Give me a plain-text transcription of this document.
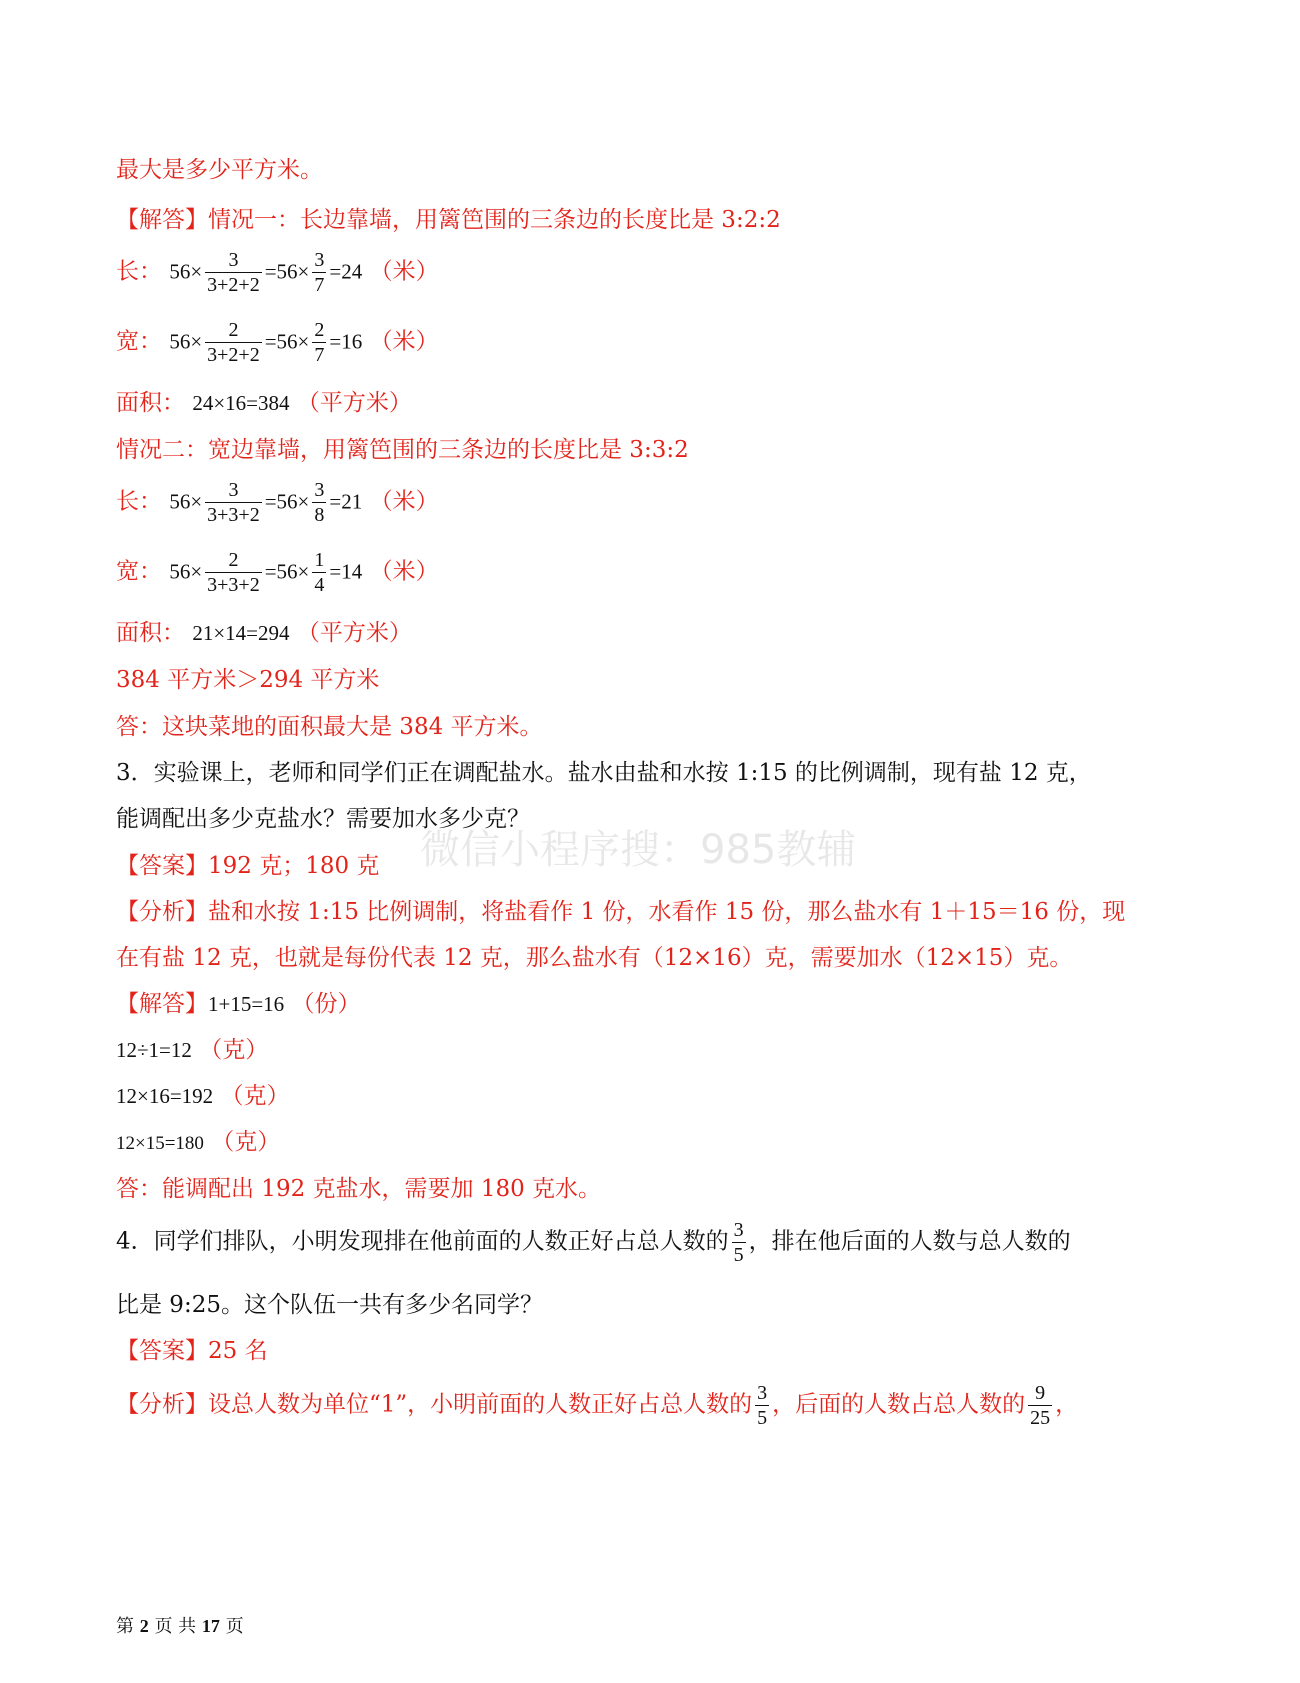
最大是多少平方米。
【解答】情况一：长边靠墙，用篱笆围的三条边的长度比是 3:2:2
长： $56\times \frac{3}{3+2+2} =56\times \frac{3}{7} =24$ （米）
宽： $56\times \frac{2}{3+2+2} =56\times \frac{2}{7} =16$ （米）
面积： 24×16=384 （平方米）
情况二：宽边靠墙，用篱笆围的三条边的长度比是 3:3:2
长： $56\times \frac{3}{3+3+2} =56\times \frac{3}{8} =21$ （米）
宽： $56\times \frac{2}{3+3+2} =56\times \frac{1}{4} =14$ （米）
面积： 21×14=294 （平方米）
384 平方米＞294 平方米
答：这块菜地的面积最大是 384 平方米。
3．实验课上，老师和同学们正在调配盐水。盐水由盐和水按 1:15 的比例调制，现有盐 12 克，
能调配出多少克盐水？需要加水多少克？
【答案】192 克；180 克
【分析】盐和水按 1:15 比例调制，将盐看作 1 份，水看作 15 份，那么盐水有 1＋15＝16 份，现
在有盐 12 克，也就是每份代表 12 克，那么盐水有（12×16）克，需要加水（12×15）克。
【解答】1+15=16 （份）
12÷1=12 （克）
12×16=192 （克）
12×15=180 （克）
答：能调配出 192 克盐水，需要加 180 克水。
4．同学们排队，小明发现排在他前面的人数正好占总人数的 $\frac{3}{5}$ ，排在他后面的人数与总人数的
比是 9:25。这个队伍一共有多少名同学？
【答案】25 名
【分析】设总人数为单位“1”，小明前面的人数正好占总人数的 $\frac{3}{5}$ ，后面的人数占总人数的 $\frac{9}{25}$ ，
微信小程序搜：985教辅
第 2 页 共 17 页
